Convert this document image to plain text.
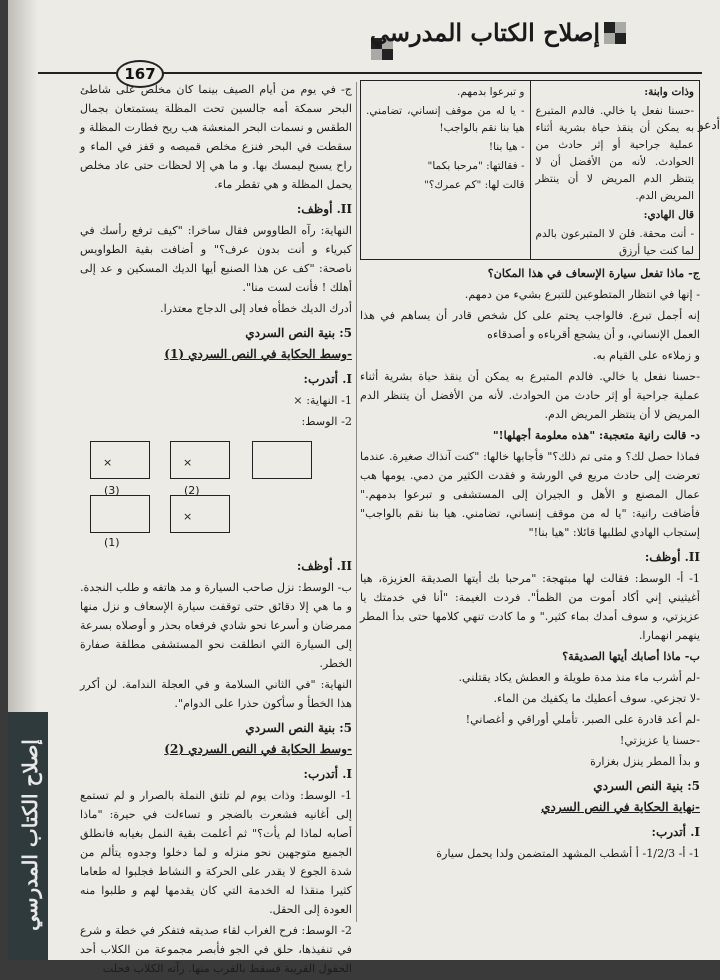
إصلاح الكتاب المدرسي
167

وذات وابنة:

-حسنا نفعل يا خالي. فالدم المتبرع به يمكن أن ينقذ حياة بشرية أثناء عملية جراحية أو إثر حادث من الحوادث. لأنه من الأفضل أن لا يتنظر الدم المريض لا أن ينتظر المريض الدم.

قال الهادي:

- أنت محقة. فلن لا المتبرعون بالدم لما كنت حيا أرزق

و تبرعوا بدمهم.

- يا له من موقف إنساني، تضامني. هيا بنا نقم بالواجب!

- هيا بنا!

- فقالتها: "مرحبا بكما"

قالت لها: "كم عمرك؟"

ج- ماذا تفعل سيارة الإسعاف في هذا المكان؟

- إنها في انتظار المتطوعين للتبرع بشيء من دمهم.

إنه أجمل تبرع. فالواجب يحتم على كل شخص قادر أن يساهم في هذا العمل الإنساني، و أن يشجع أقرباءه و أصدقاءه

و زملاءه على القيام به.

-حسنا نفعل يا خالي. فالدم المتبرع به يمكن أن ينقذ حياة بشرية أثناء عملية جراحية أو إثر حادث من الحوادث. لأنه من الأفضل أن يتنظر الدم المريض لا أن ينتظر المريض الدم.

د- قالت رانية متعجبة: "هذه معلومة أجهلها!"

فماذا حصل لك؟ و متى تم ذلك؟" فأجابها خالها: "كنت آنذاك صغيرة. عندما تعرضت إلى حادث مريع في الورشة و فقدت الكثير من دمي. يومها هب عمال المصنع و الأهل و الجيران إلى المستشفى و تبرعوا بدمهم." فأضافت رانية: "يا له من موقف إنساني، تضامني. هيا بنا نقم بالواجب" إستجاب الهادي لطلبها قائلا: "هيا بنا!"

II. أوظف:

1- أ- الوسط: فقالت لها مبتهجة: "مرحبا بك أيتها الصديقة العزيزة، هيا أغيثيني إني أكاد أموت من الظمأ". فردت الغيمة: "أنا في خدمتك يا عزيزتي، و سوف أمدك بماء كثير." و ما كادت تنهي كلامها حتى بدأ المطر ينهمر انهمارا.

ب- ماذا أصابك أيتها الصديقة؟

-لم أشرب ماء منذ مدة طويلة و العطش يكاد يقتلني.

-لا تجزعي. سوف أعطيك ما يكفيك من الماء.

-لم أعد قادرة على الصبر. تأملي أوراقي و أغصاني!

-حسنا يا عزيزتي!

و بدأ المطر ينزل بغزارة

5: بنية النص السردي

-نهاية الحكاية في النص السردي

I. أتدرب:

1- أ- 1/2/3- أ أشطب المشهد المتضمن ولدا يحمل سيارة

ج- في يوم من أيام الصيف بينما كان مخلص على شاطئ البحر سمكة أمه جالسين تحت المظلة يستمتعان بجمال الطقس و نسمات البحر المنعشة هب ريح فطارت المظلة و سقطت في البحر فنزع مخلص قميصه و قفز في الماء و راح يسبح ليمسك بها. و ما هي إلا لحظات حتى عاد مخلص يحمل المظلة و هي تقطر ماء.

II. أوظف:

النهاية: رآه الطاووس فقال ساخرا: "كيف ترفع رأسك في كبرياء و أنت بدون عرف؟" و أضافت بقية الطواويس ناصحة: "كف عن هذا الصنيع أيها الديك المسكين و عد إلى أهلك ! فأنت لست منا".

أدرك الديك خطأه فعاد إلى الدجاج معتذرا.

5: بنية النص السردي

-وسط الحكاية في النص السردي (1)

I. أتدرب:

1- النهاية: ×

2- الوسط:

×	×
(3)	(2)
×
(1)

II. أوظف:

ب- الوسط: نزل صاحب السيارة و مد هاتفه و طلب النجدة. و ما هي إلا دقائق حتى توقفت سيارة الإسعاف و نزل منها ممرضان و أسرعا نحو شادي فرفعاه بحذر و أوصلاه بسرعة إلى السيارة التي انطلقت نحو المستشفى مطلقة صفارة الخطر.

النهاية: "في الثاني السلامة و في العجلة الندامة. لن أكرر هذا الخطأ و سأكون حذرا على الدوام".

5: بنية النص السردي

-وسط الحكاية في النص السردي (2)

I. أتدرب:

1- الوسط: وذات يوم لم تلتق النملة بالصرار و لم تستمع إلى أغانيه فشعرت بالضجر و تساءلت في حيرة: "ماذا أصابه لماذا لم يأت؟" ثم أعلمت بقية النمل بغيابه فانطلق الجميع متوجهين نحو منزله و لما دخلوا وجدوه يتألم من شدة الجوع لا يقدر على الحركة و النشاط فجلبوا له طعاما كثيرا منقذا له الخدمة التي كان يقدمها لهم و طلبوا منه العودة إلى الحقل.

2- الوسط: فرح الغراب لقاء صديقه فتفكر في خطة و شرع في تنفيذها، حلق في الجو فأبصر مجموعة من الكلاب أحد الحقول القريبة فسقط بالقرب منها. رآته الكلاب فحلت

أدعو
إصلاح الكتاب المدرسي
